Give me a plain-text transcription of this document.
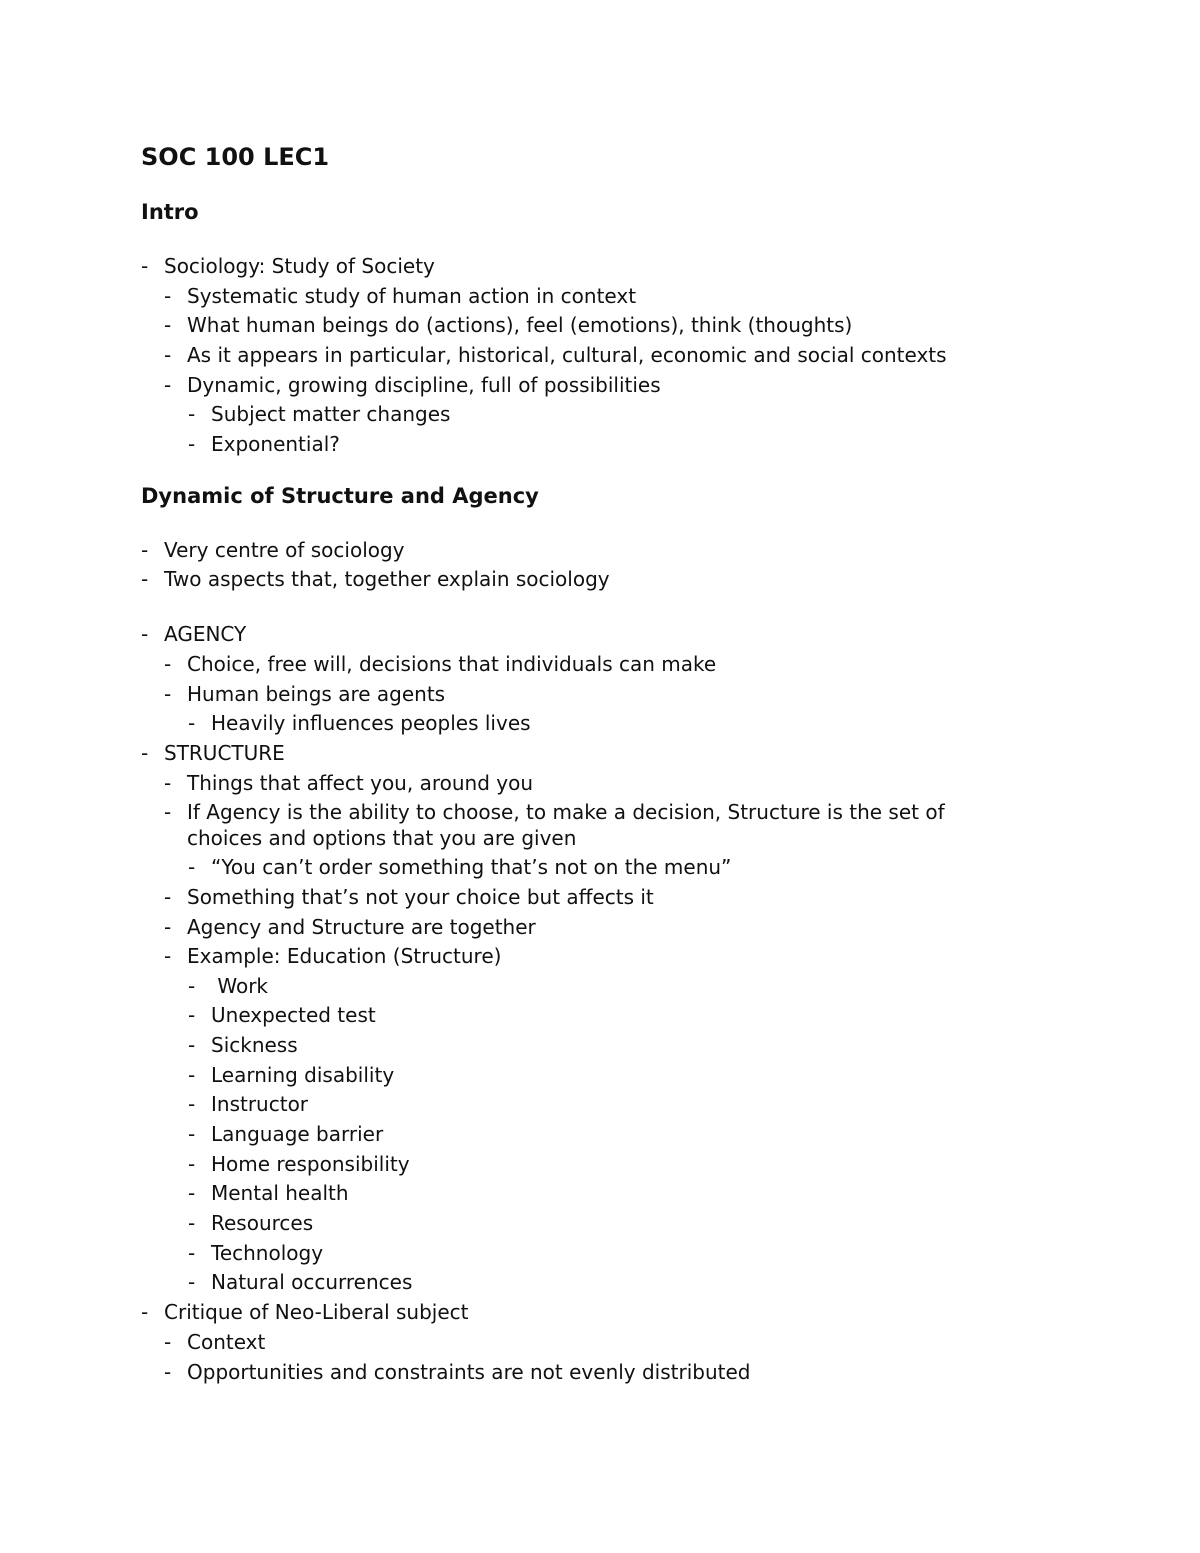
SOC 100 LEC1
Intro
- Sociology: Study of Society
- Systematic study of human action in context
- What human beings do (actions), feel (emotions), think (thoughts)
- As it appears in particular, historical, cultural, economic and social contexts
- Dynamic, growing discipline, full of possibilities
- Subject matter changes
- Exponential?
Dynamic of Structure and Agency
- Very centre of sociology
- Two aspects that, together explain sociology
- AGENCY
- Choice, free will, decisions that individuals can make
- Human beings are agents
- Heavily influences peoples lives
- STRUCTURE
- Things that affect you, around you
- If Agency is the ability to choose, to make a decision, Structure is the set of
choices and options that you are given
- “You can’t order something that’s not on the menu”
- Something that’s not your choice but affects it
- Agency and Structure are together
- Example: Education (Structure)
- Work
- Unexpected test
- Sickness
- Learning disability
- Instructor
- Language barrier
- Home responsibility
- Mental health
- Resources
- Technology
- Natural occurrences
- Critique of Neo-Liberal subject
- Context
- Opportunities and constraints are not evenly distributed
